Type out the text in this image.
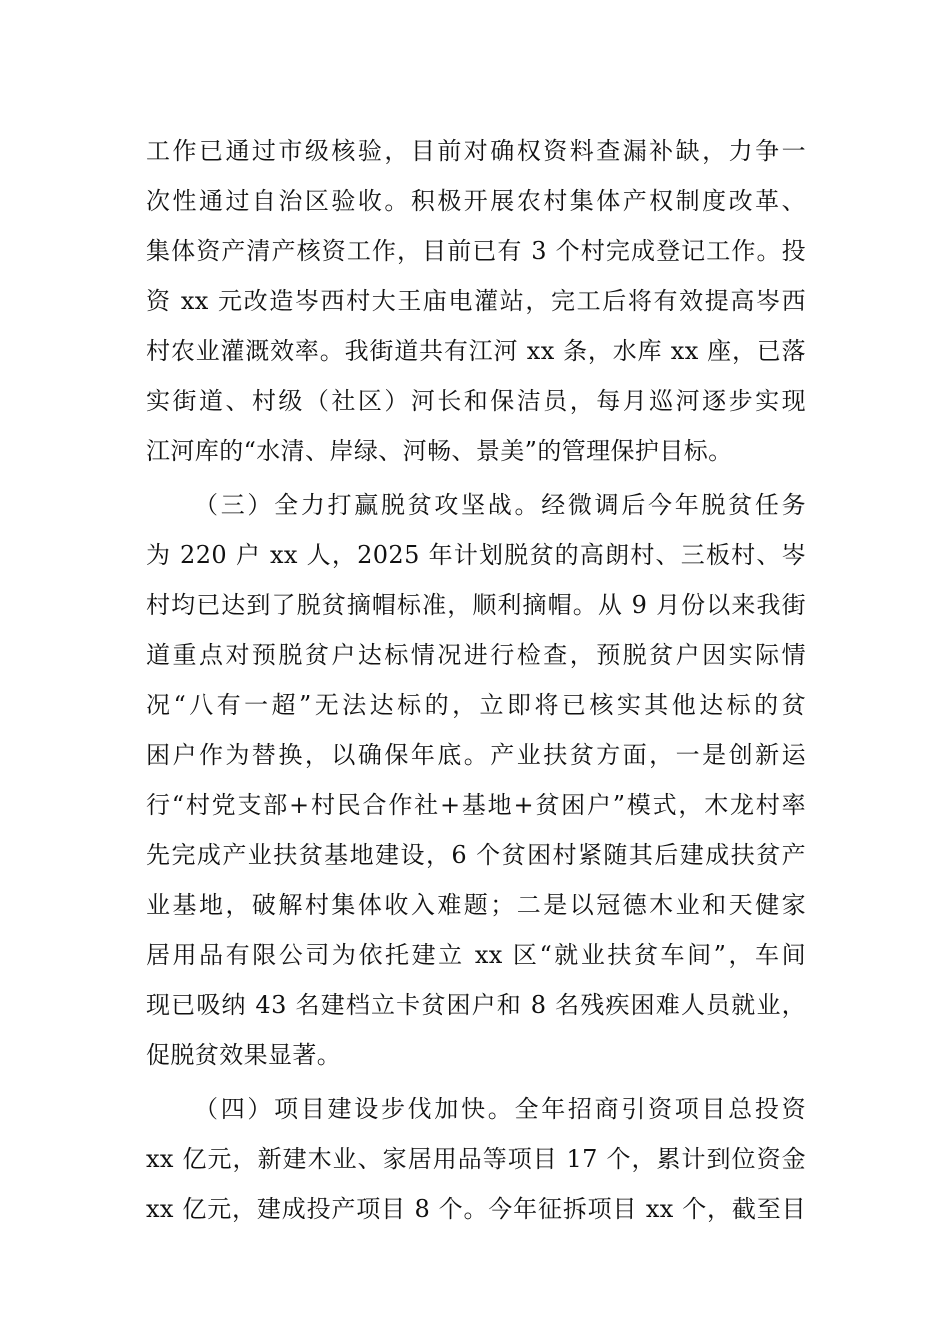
工作已通过市级核验，目前对确权资料查漏补缺，力争一
次性通过自治区验收。积极开展农村集体产权制度改革、
集体资产清产核资工作，目前已有 3 个村完成登记工作。投
资 xx 元改造岑西村大王庙电灌站，完工后将有效提高岑西
村农业灌溉效率。我街道共有江河 xx 条，水库 xx 座，已落
实街道、村级（社区）河长和保洁员，每月巡河逐步实现
江河库的“水清、岸绿、河畅、景美”的管理保护目标。
（三）全力打赢脱贫攻坚战。经微调后今年脱贫任务
为 220 户 xx 人，2025 年计划脱贫的高朗村、三板村、岑
村均已达到了脱贫摘帽标准，顺利摘帽。从 9 月份以来我街
道重点对预脱贫户达标情况进行检查，预脱贫户因实际情
况“八有一超”无法达标的，立即将已核实其他达标的贫
困户作为替换，以确保年底。产业扶贫方面，一是创新运
行“村党支部+村民合作社+基地+贫困户”模式，木龙村率
先完成产业扶贫基地建设，6 个贫困村紧随其后建成扶贫产
业基地，破解村集体收入难题；二是以冠德木业和天健家
居用品有限公司为依托建立 xx 区“就业扶贫车间”，车间
现已吸纳 43 名建档立卡贫困户和 8 名残疾困难人员就业，
促脱贫效果显著。
（四）项目建设步伐加快。全年招商引资项目总投资
xx 亿元，新建木业、家居用品等项目 17 个，累计到位资金
xx 亿元，建成投产项目 8 个。今年征拆项目 xx 个，截至目
